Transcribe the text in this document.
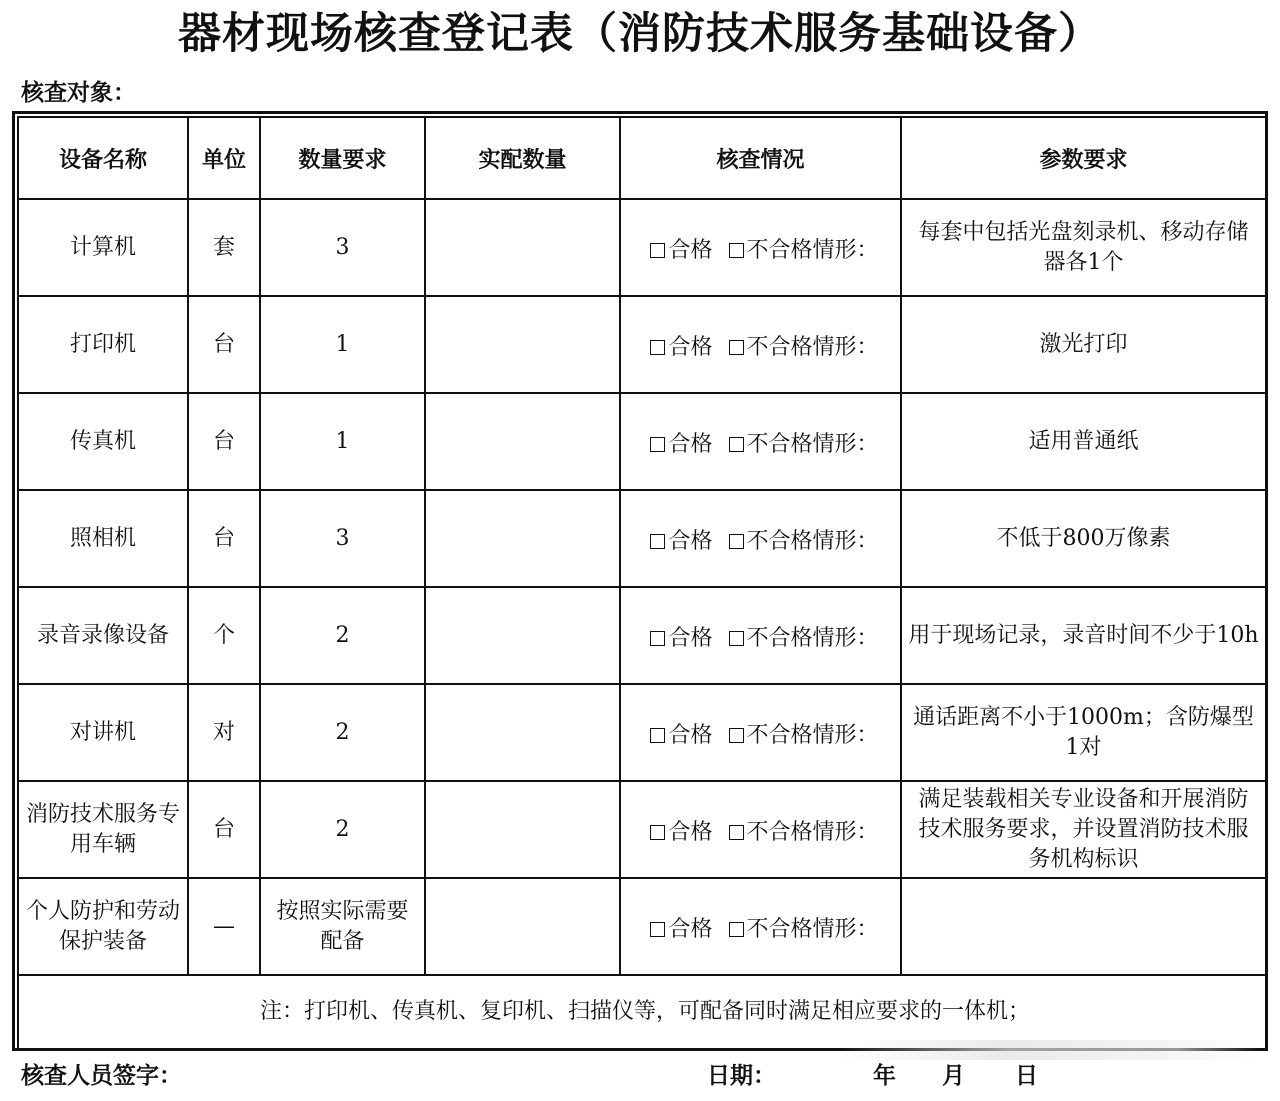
器材现场核查登记表（消防技术服务基础设备）
核查对象：
设备名称	单位	数量要求	实配数量	核查情况	参数要求

计算机	套	3		合格 不合格情形：	每套中包括光盘刻录机、移动存储器各1个

打印机	台	1		合格 不合格情形：	激光打印

传真机	台	1		合格 不合格情形：	适用普通纸

照相机	台	3		合格 不合格情形：	不低于800万像素

录音录像设备	个	2		合格 不合格情形：	用于现场记录，录音时间不少于10h

对讲机	对	2		合格 不合格情形：	通话距离不小于1000m；含防爆型1对

消防技术服务专用车辆	台	2		合格 不合格情形：	满足装载相关专业设备和开展消防技术服务要求，并设置消防技术服务机构标识

个人防护和劳动保护装备	—	按照实际需要配备		合格 不合格情形：	

注：打印机、传真机、复印机、扫描仪等，可配备同时满足相应要求的一体机；					
核查人员签字：	日期：	年 月 日
